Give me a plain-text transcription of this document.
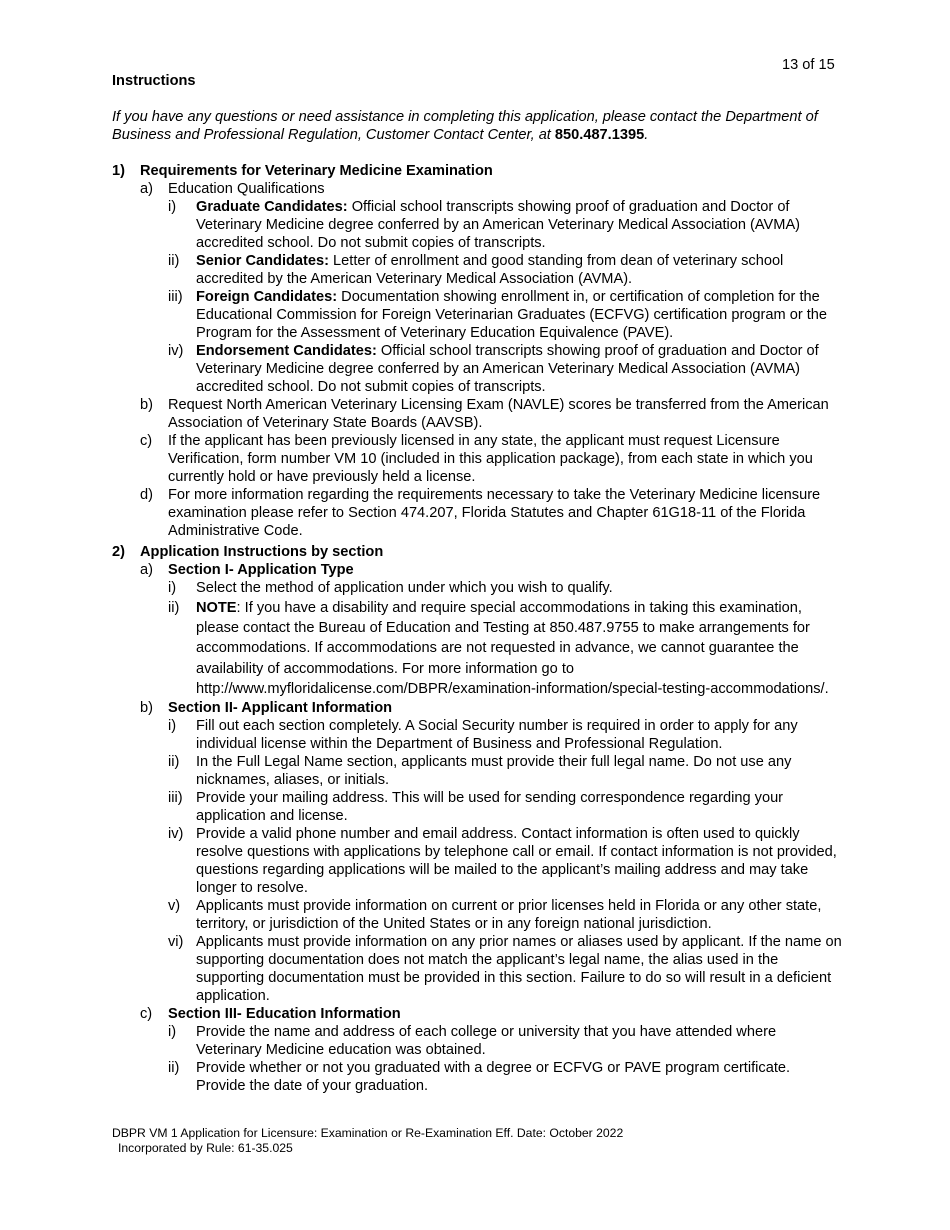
13 of 15
Instructions
If you have any questions or need assistance in completing this application, please contact the Department of Business and Professional Regulation, Customer Contact Center, at 850.487.1395.
1)	Requirements for Veterinary Medicine Examination
a)	Education Qualifications
i)	Graduate Candidates: Official school transcripts showing proof of graduation and Doctor of Veterinary Medicine degree conferred by an American Veterinary Medical Association (AVMA) accredited school. Do not submit copies of transcripts.
ii)	Senior Candidates: Letter of enrollment and good standing from dean of veterinary school accredited by the American Veterinary Medical Association (AVMA).
iii) Foreign Candidates: Documentation showing enrollment in, or certification of completion for the Educational Commission for Foreign Veterinarian Graduates (ECFVG) certification program or the Program for the Assessment of Veterinary Education Equivalence (PAVE).
iv) Endorsement Candidates: Official school transcripts showing proof of graduation and Doctor of Veterinary Medicine degree conferred by an American Veterinary Medical Association (AVMA) accredited school. Do not submit copies of transcripts.
b)	Request North American Veterinary Licensing Exam (NAVLE) scores be transferred from the American Association of Veterinary State Boards (AAVSB).
c)	If the applicant has been previously licensed in any state, the applicant must request Licensure Verification, form number VM 10 (included in this application package), from each state in which you currently hold or have previously held a license.
d)	For more information regarding the requirements necessary to take the Veterinary Medicine licensure examination please refer to Section 474.207, Florida Statutes and Chapter 61G18-11 of the Florida Administrative Code.
2)	Application Instructions by section
a)	Section I- Application Type
i)	Select the method of application under which you wish to qualify.
ii)	NOTE: If you have a disability and require special accommodations in taking this examination, please contact the Bureau of Education and Testing at 850.487.9755 to make arrangements for accommodations. If accommodations are not requested in advance, we cannot guarantee the availability of accommodations. For more information go to http://www.myfloridalicense.com/DBPR/examination-information/special-testing-accommodations/.
b)	Section II- Applicant Information
i)	Fill out each section completely. A Social Security number is required in order to apply for any individual license within the Department of Business and Professional Regulation.
ii)	In the Full Legal Name section, applicants must provide their full legal name. Do not use any nicknames, aliases, or initials.
iii) Provide your mailing address. This will be used for sending correspondence regarding your application and license.
iv) Provide a valid phone number and email address. Contact information is often used to quickly resolve questions with applications by telephone call or email. If contact information is not provided, questions regarding applications will be mailed to the applicant’s mailing address and may take longer to resolve.
v)	Applicants must provide information on current or prior licenses held in Florida or any other state, territory, or jurisdiction of the United States or in any foreign national jurisdiction.
vi) Applicants must provide information on any prior names or aliases used by applicant. If the name on supporting documentation does not match the applicant’s legal name, the alias used in the supporting documentation must be provided in this section. Failure to do so will result in a deficient application.
c)	Section III- Education Information
i)	Provide the name and address of each college or university that you have attended where Veterinary Medicine education was obtained.
ii)	Provide whether or not you graduated with a degree or ECFVG or PAVE program certificate. Provide the date of your graduation.
DBPR VM 1 Application for Licensure: Examination or Re-Examination Eff. Date: October 2022
Incorporated by Rule: 61-35.025
